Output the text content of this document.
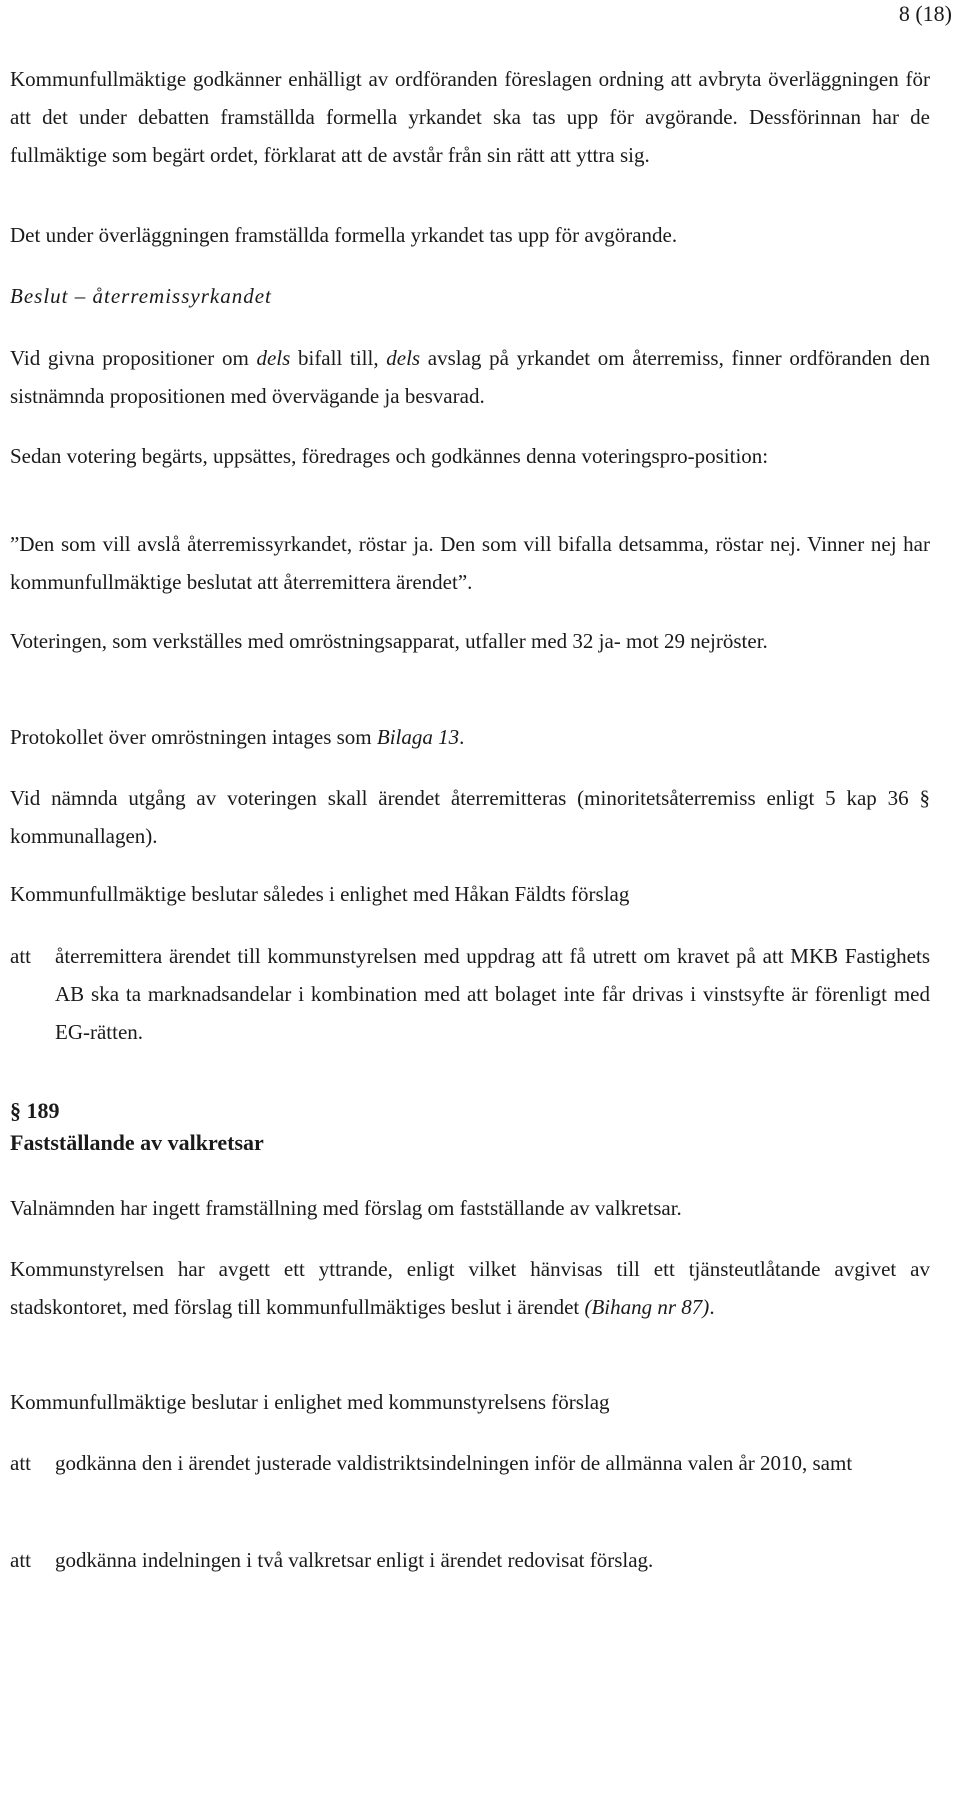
8 (18)

Kommunfullmäktige godkänner enhälligt av ordföranden föreslagen ordning att avbryta överläggningen för att det under debatten framställda formella yrkandet ska tas upp för avgörande. Dessförinnan har de fullmäktige som begärt ordet, förklarat att de avstår från sin rätt att yttra sig.

Det under överläggningen framställda formella yrkandet tas upp för avgörande.

Beslut – återremissyrkandet

Vid givna propositioner om dels bifall till, dels avslag på yrkandet om återremiss, finner ordföranden den sistnämnda propositionen med övervägande ja besvarad.

Sedan votering begärts, uppsättes, föredrages och godkännes denna voteringspro-position:

”Den som vill avslå återremissyrkandet, röstar ja. Den som vill bifalla detsamma, röstar nej. Vinner nej har kommunfullmäktige beslutat att återremittera ärendet”.

Voteringen, som verkställes med omröstningsapparat, utfaller med 32 ja- mot 29 nejröster.

Protokollet över omröstningen intages som Bilaga 13.

Vid nämnda utgång av voteringen skall ärendet återremitteras (minoritetsåterremiss enligt 5 kap 36 § kommunallagen).

Kommunfullmäktige beslutar således i enlighet med Håkan Fäldts förslag

att återremittera ärendet till kommunstyrelsen med uppdrag att få utrett om kravet på att MKB Fastighets AB ska ta marknadsandelar i kombination med att bolaget inte får drivas i vinstsyfte är förenligt med EG-rätten.

§ 189

Fastställande av valkretsar

Valnämnden har ingett framställning med förslag om fastställande av valkretsar.

Kommunstyrelsen har avgett ett yttrande, enligt vilket hänvisas till ett tjänsteutlåtande avgivet av stadskontoret, med förslag till kommunfullmäktiges beslut i ärendet (Bihang nr 87).

Kommunfullmäktige beslutar i enlighet med kommunstyrelsens förslag

att godkänna den i ärendet justerade valdistriktsindelningen inför de allmänna valen år 2010, samt
att godkänna indelningen i två valkretsar enligt i ärendet redovisat förslag.
